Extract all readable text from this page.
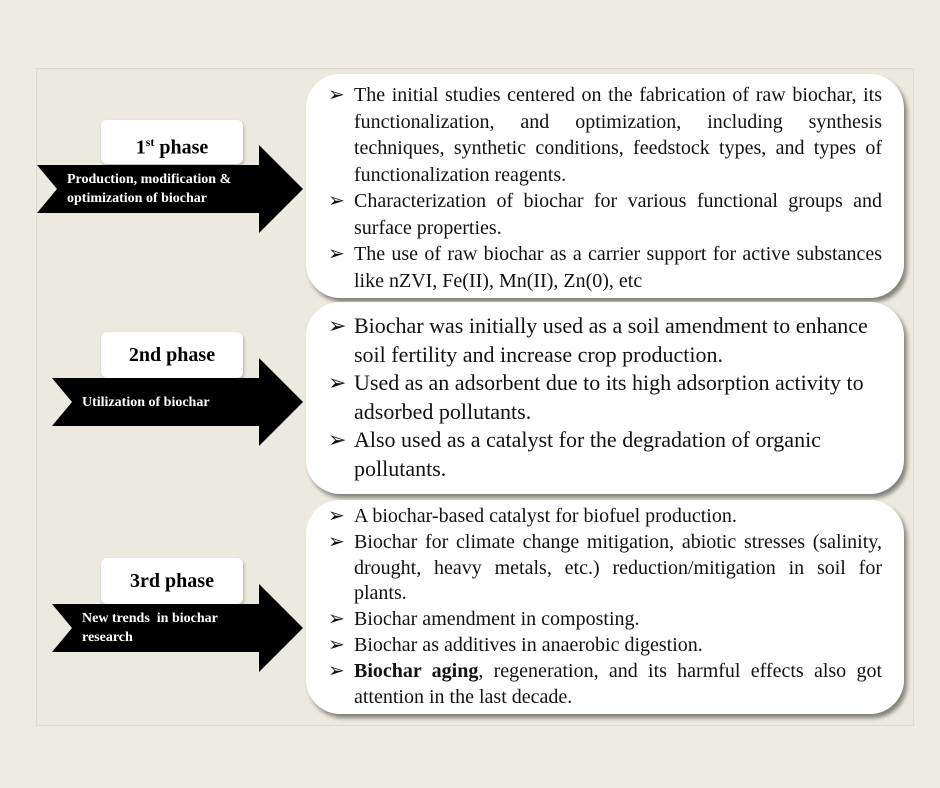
Production, modification &
optimization of biochar
1st phase
➢ The initial studies centered on the fabrication of raw biochar, its functionalization, and optimization, including synthesis techniques, synthetic conditions, feedstock types, and types of functionalization reagents.
➢ Characterization of biochar for various functional groups and surface properties.
➢ The use of raw biochar as a carrier support for active substances like nZVI, Fe(II), Mn(II), Zn(0), etc
Utilization of biochar
2nd phase
➢ Biochar was initially used as a soil amendment to enhance soil fertility and increase crop production.
➢ Used as an adsorbent due to its high adsorption activity to adsorbed pollutants.
➢ Also used as a catalyst for the degradation of organic pollutants.
New trends  in biochar
research
3rd phase
➢ A biochar-based catalyst for biofuel production.
➢ Biochar for climate change mitigation, abiotic stresses (salinity, drought, heavy metals, etc.) reduction/mitigation in soil for plants.
➢ Biochar amendment in composting.
➢ Biochar as additives in anaerobic digestion.
➢ Biochar aging, regeneration, and its harmful effects also got attention in the last decade.
